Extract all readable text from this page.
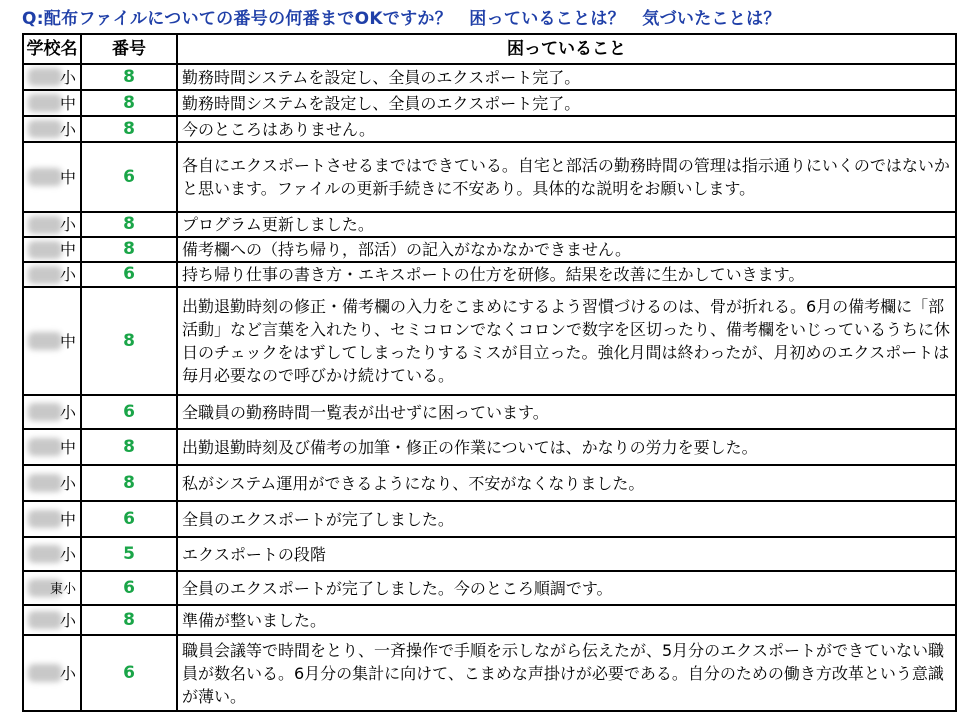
Q:配布ファイルについての番号の何番までOKですか？　困っていることは？　気づいたことは？
学校名	番号	困っていること

小	8	勤務時間システムを設定し、全員のエクスポート完了。

中	8	勤務時間システムを設定し、全員のエクスポート完了。

小	8	今のところはありません。

中	6	各自にエクスポートさせるまではできている。自宅と部活の勤務時間の管理は指示通りにいくのではないかと思います。ファイルの更新手続きに不安あり。具体的な説明をお願いします。

小	8	プログラム更新しました。

中	8	備考欄への（持ち帰り，部活）の記入がなかなかできません。

小	6	持ち帰り仕事の書き方・エキスポートの仕方を研修。結果を改善に生かしていきます。

中	8	出勤退勤時刻の修正・備考欄の入力をこまめにするよう習慣づけるのは、骨が折れる。6月の備考欄に「部活動」など言葉を入れたり、セミコロンでなくコロンで数字を区切ったり、備考欄をいじっているうちに休日のチェックをはずしてしまったりするミスが目立った。強化月間は終わったが、月初めのエクスポートは毎月必要なので呼びかけ続けている。

小	6	全職員の勤務時間一覧表が出せずに困っています。

中	8	出勤退勤時刻及び備考の加筆・修正の作業については、かなりの労力を要した。

小	8	私がシステム運用ができるようになり、不安がなくなりました。

中	6	全員のエクスポートが完了しました。

小	5	エクスポートの段階

東小	6	全員のエクスポートが完了しました。今のところ順調です。

小	8	準備が整いました。

小	6	職員会議等で時間をとり、一斉操作で手順を示しながら伝えたが、5月分のエクスポートができていない職員が数名いる。6月分の集計に向けて、こまめな声掛けが必要である。自分のための働き方改革という意識が薄い。
